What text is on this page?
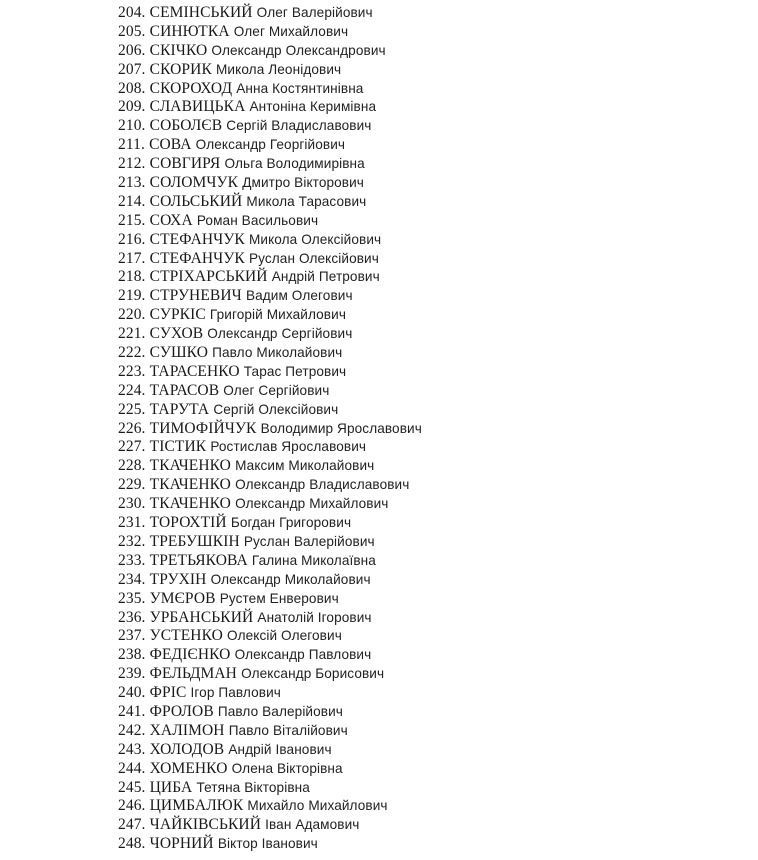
204. СЕМІНСЬКИЙ Олег Валерійович
205. СИНЮТКА Олег Михайлович
206. СКІЧКО Олександр Олександрович
207. СКОРИК Микола Леонідович
208. СКОРОХОД Анна Костянтинівна
209. СЛАВИЦЬКА Антоніна Керимівна
210. СОБОЛЄВ Сергій Владиславович
211. СОВА Олександр Георгійович
212. СОВГИРЯ Ольга Володимирівна
213. СОЛОМЧУК Дмитро Вікторович
214. СОЛЬСЬКИЙ Микола Тарасович
215. СОХА Роман Васильович
216. СТЕФАНЧУК Микола Олексійович
217. СТЕФАНЧУК Руслан Олексійович
218. СТРІХАРСЬКИЙ Андрій Петрович
219. СТРУНЕВИЧ Вадим Олегович
220. СУРКІС Григорій Михайлович
221. СУХОВ Олександр Сергійович
222. СУШКО Павло Миколайович
223. ТАРАСЕНКО Тарас Петрович
224. ТАРАСОВ Олег Сергійович
225. ТАРУТА Сергій Олексійович
226. ТИМОФІЙЧУК Володимир Ярославович
227. ТІСТИК Ростислав Ярославович
228. ТКАЧЕНКО Максим Миколайович
229. ТКАЧЕНКО Олександр Владиславович
230. ТКАЧЕНКО Олександр Михайлович
231. ТОРОХТІЙ Богдан Григорович
232. ТРЕБУШКІН Руслан Валерійович
233. ТРЕТЬЯКОВА Галина Миколаївна
234. ТРУХІН Олександр Миколайович
235. УМЄРОВ Рустем Енверович
236. УРБАНСЬКИЙ Анатолій Ігорович
237. УСТЕНКО Олексій Олегович
238. ФЕДІЄНКО Олександр Павлович
239. ФЕЛЬДМАН Олександр Борисович
240. ФРІС Ігор Павлович
241. ФРОЛОВ Павло Валерійович
242. ХАЛІМОН Павло Віталійович
243. ХОЛОДОВ Андрій Іванович
244. ХОМЕНКО Олена Вікторівна
245. ЦИБА Тетяна Вікторівна
246. ЦИМБАЛЮК Михайло Михайлович
247. ЧАЙКІВСЬКИЙ Іван Адамович
248. ЧОРНИЙ Віктор Іванович
